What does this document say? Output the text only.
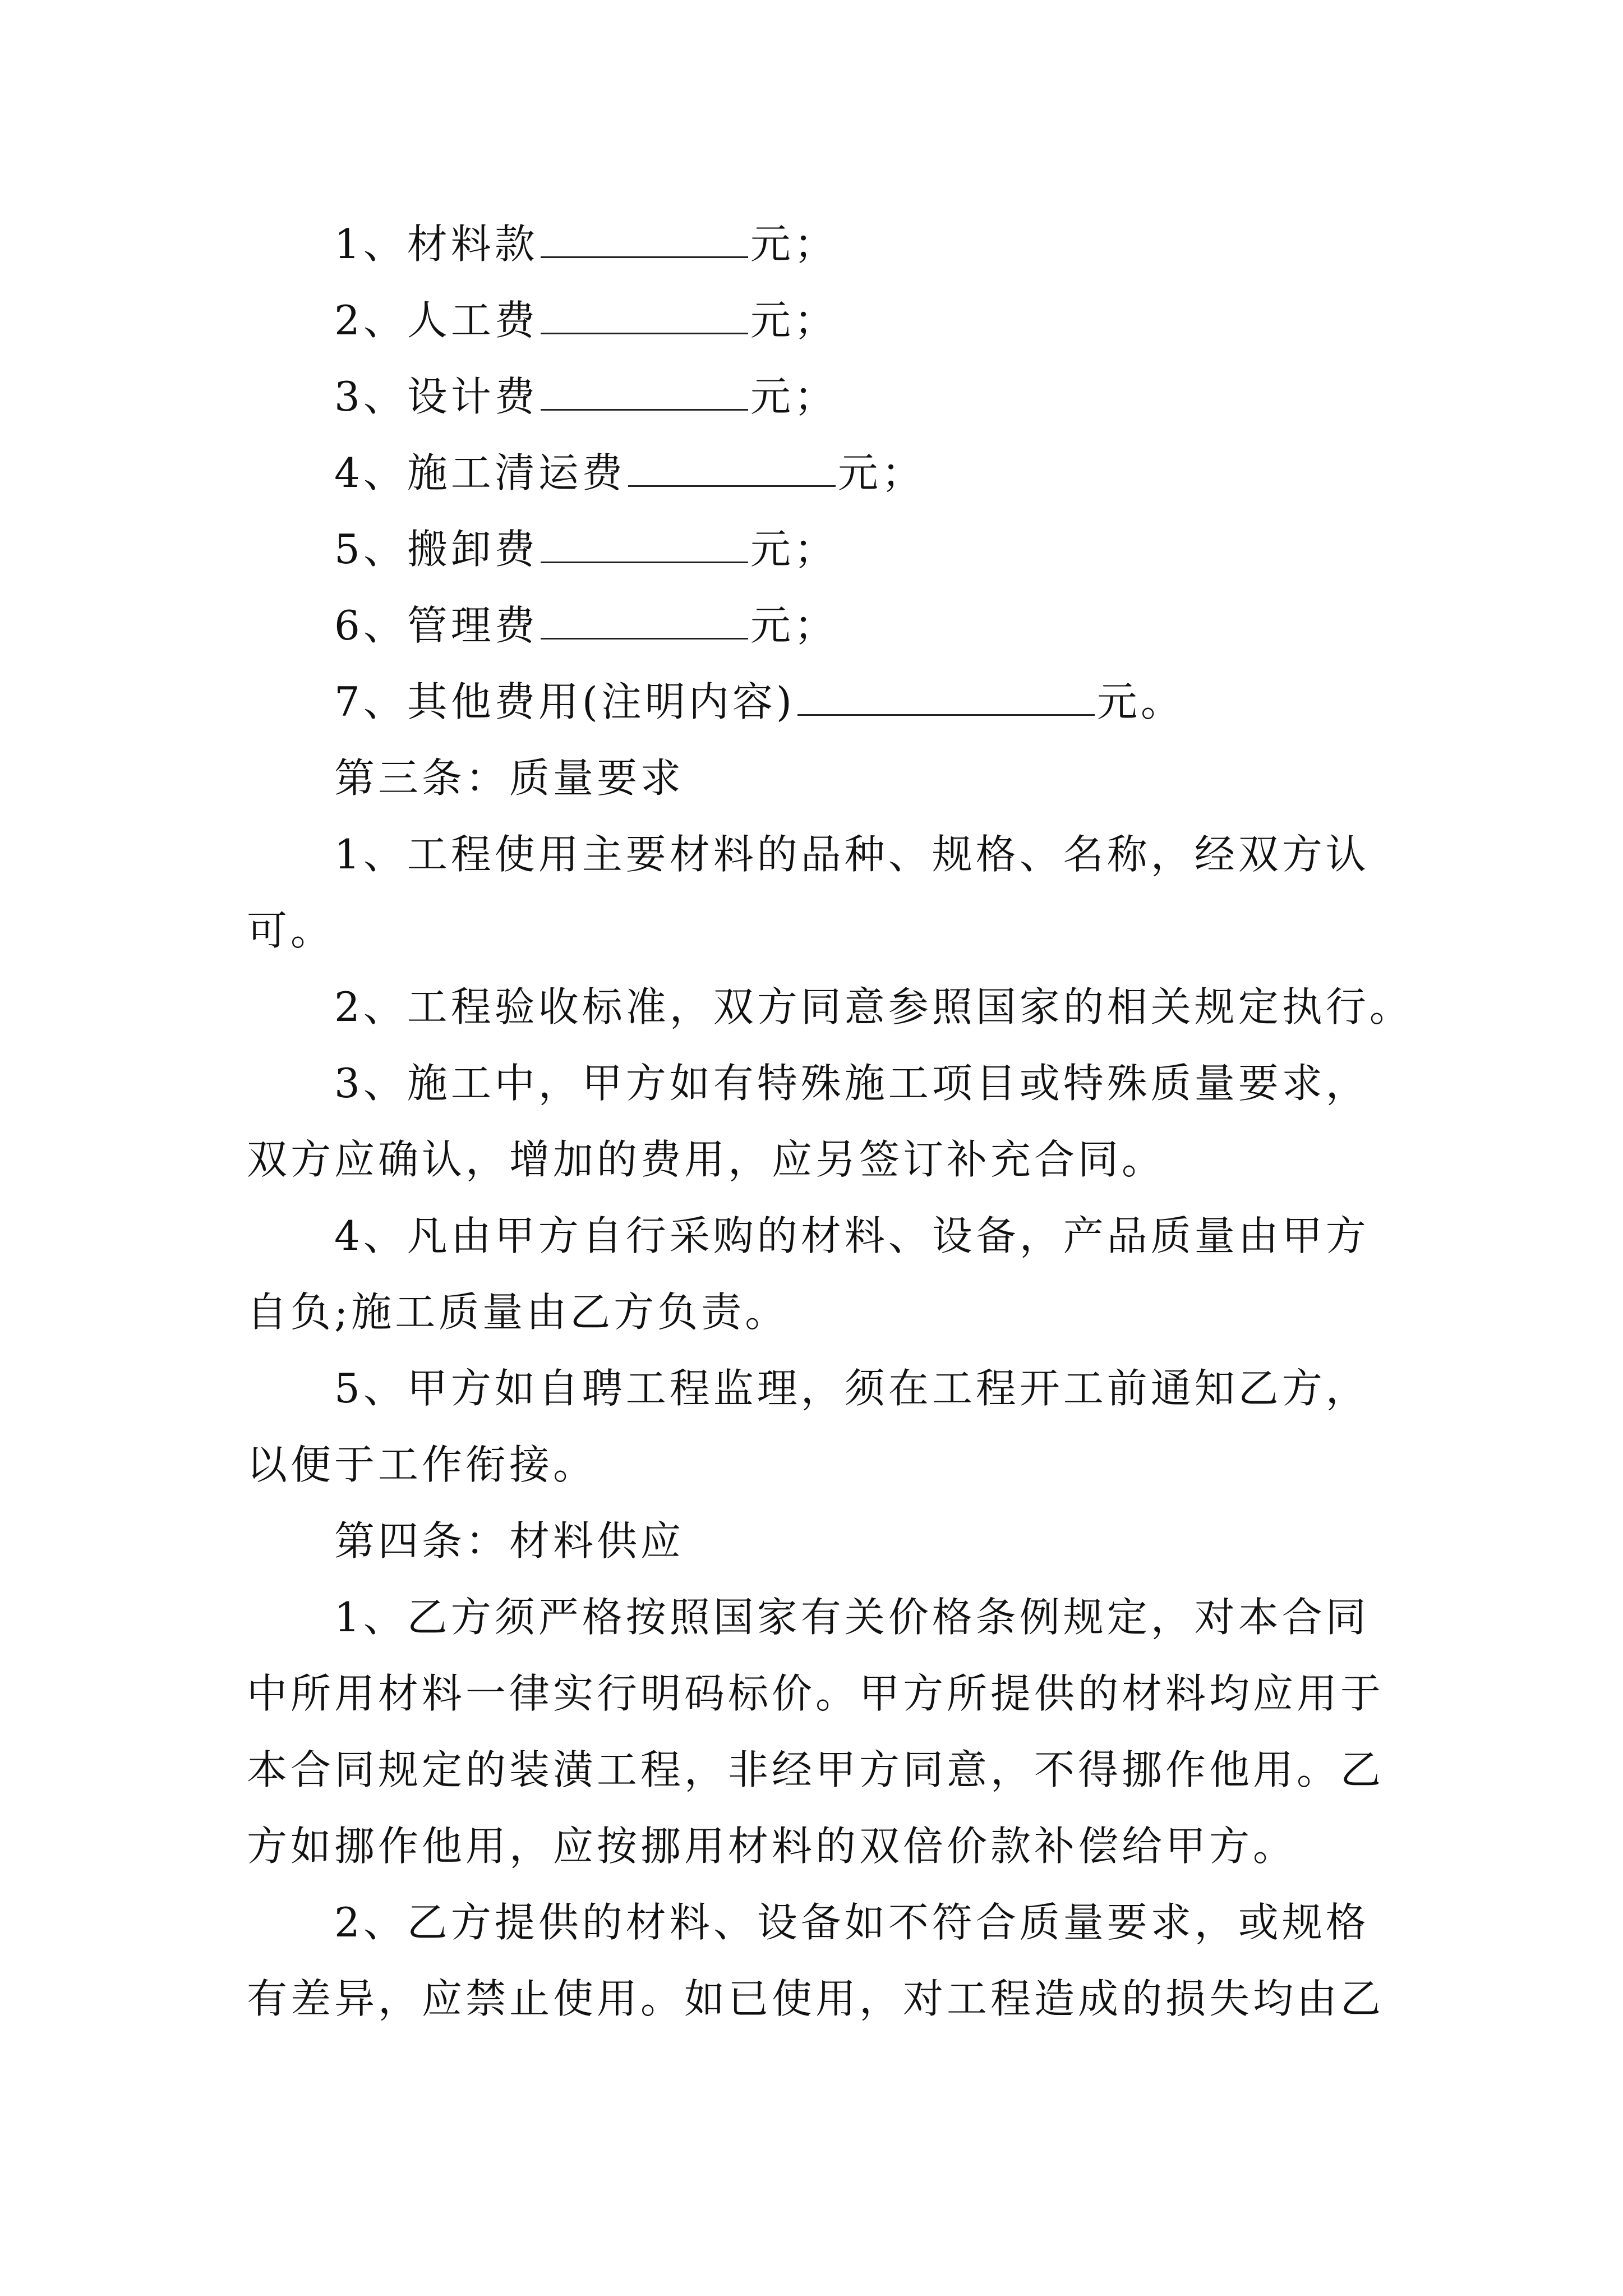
1、材料款	元；
2、人工费	元；
3、设计费	元；
4、施工清运费	元；
5、搬卸费	元；
6、管理费	元；
7、其他费用(注明内容)	元。
第三条：质量要求
1、工程使用主要材料的品种、规格、名称，经双方认
可。
2、工程验收标准，双方同意参照国家的相关规定执行。
3、施工中，甲方如有特殊施工项目或特殊质量要求，
双方应确认，增加的费用，应另签订补充合同。
4、凡由甲方自行采购的材料、设备，产品质量由甲方
自负;施工质量由乙方负责。
5、甲方如自聘工程监理，须在工程开工前通知乙方，
以便于工作衔接。
第四条：材料供应
1、乙方须严格按照国家有关价格条例规定，对本合同
中所用材料一律实行明码标价。甲方所提供的材料均应用于
本合同规定的装潢工程，非经甲方同意，不得挪作他用。乙
方如挪作他用，应按挪用材料的双倍价款补偿给甲方。
2、乙方提供的材料、设备如不符合质量要求，或规格
有差异，应禁止使用。如已使用，对工程造成的损失均由乙
